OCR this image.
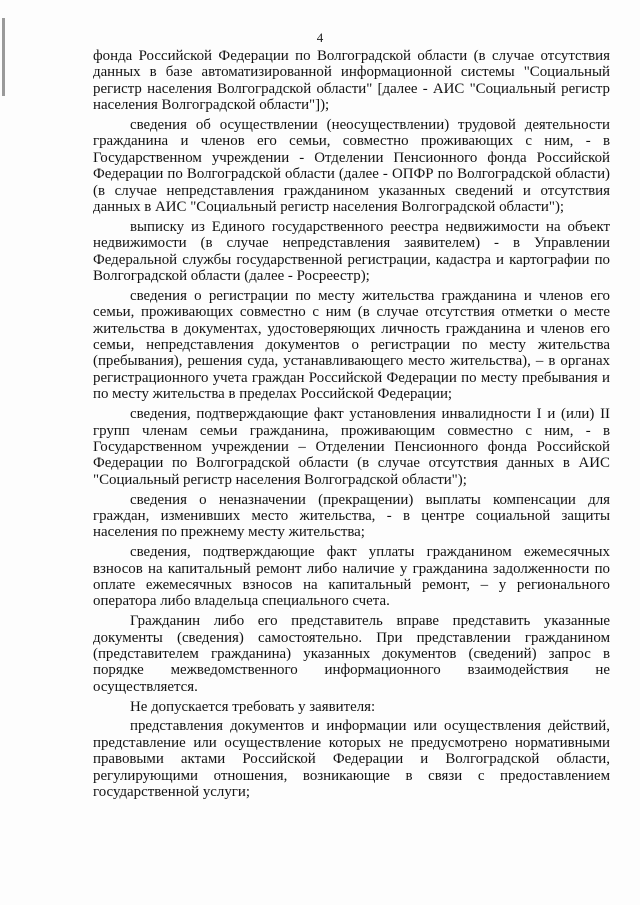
4

фонда Российской Федерации по Волгоградской области (в случае отсутствия данных в базе автоматизированной информационной системы "Социальный регистр населения Волгоградской области" [далее - АИС "Социальный регистр населения Волгоградской области"]);

сведения об осуществлении (неосуществлении) трудовой деятельности гражданина и членов его семьи, совместно проживающих с ним, - в Государственном учреждении - Отделении Пенсионного фонда Российской Федерации по Волгоградской области (далее - ОПФР по Волгоградской области) (в случае непредставления гражданином указанных сведений и отсутствия данных в АИС "Социальный регистр населения Волгоградской области");

выписку из Единого государственного реестра недвижимости на объект недвижимости (в случае непредставления заявителем) - в Управлении Федеральной службы государственной регистрации, кадастра и картографии по Волгоградской области (далее - Росреестр);

сведения о регистрации по месту жительства гражданина и членов его семьи, проживающих совместно с ним (в случае отсутствия отметки о месте жительства в документах, удостоверяющих личность гражданина и членов его семьи, непредставления документов о регистрации по месту жительства (пребывания), решения суда, устанавливающего место жительства), – в органах регистрационного учета граждан Российской Федерации по месту пребывания и по месту жительства в пределах Российской Федерации;

сведения, подтверждающие факт установления инвалидности I и (или) II групп членам семьи гражданина, проживающим совместно с ним, - в Государственном учреждении – Отделении Пенсионного фонда Российской Федерации по Волгоградской области (в случае отсутствия данных в АИС "Социальный регистр населения Волгоградской области");

сведения о неназначении (прекращении) выплаты компенсации для граждан, изменивших место жительства, - в центре социальной защиты населения по прежнему месту жительства;

сведения, подтверждающие факт уплаты гражданином ежемесячных взносов на капитальный ремонт либо наличие у гражданина задолженности по оплате ежемесячных взносов на капитальный ремонт, – у регионального оператора либо владельца специального счета.

Гражданин либо его представитель вправе представить указанные документы (сведения) самостоятельно. При представлении гражданином (представителем гражданина) указанных документов (сведений) запрос в порядке межведомственного информационного взаимодействия не осуществляется.

Не допускается требовать у заявителя:

представления документов и информации или осуществления действий, представление или осуществление которых не предусмотрено нормативными правовыми актами Российской Федерации и Волгоградской области, регулирующими отношения, возникающие в связи с предоставлением государственной услуги;
